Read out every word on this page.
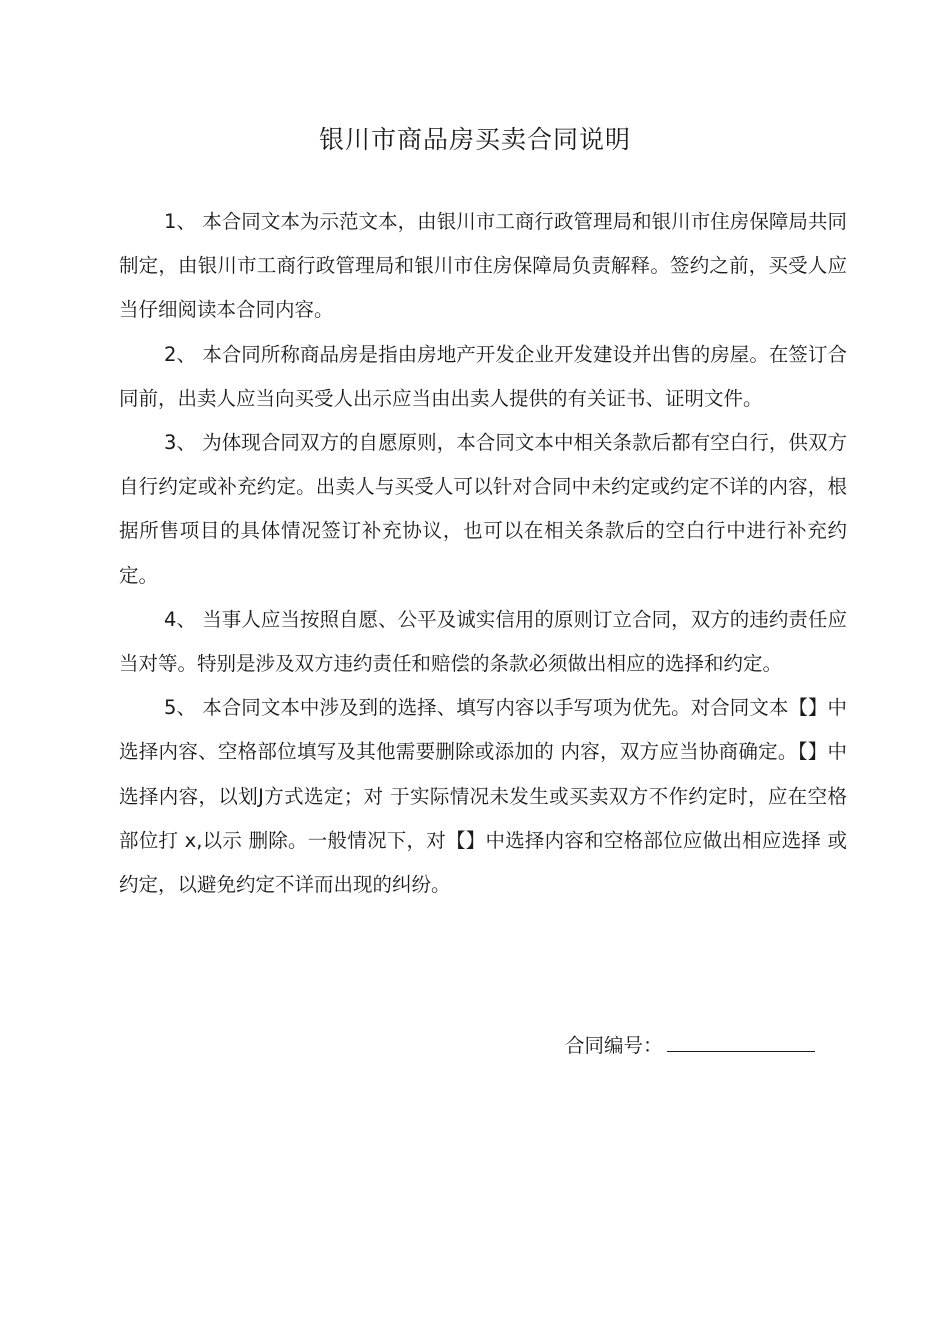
银川市商品房买卖合同说明

1、 本合同文本为示范文本，由银川市工商行政管理局和银川市住房保障局共同制定，由银川市工商行政管理局和银川市住房保障局负责解释。签约之前，买受人应当仔细阅读本合同内容。

2、 本合同所称商品房是指由房地产开发企业开发建设并出售的房屋。在签订合同前，出卖人应当向买受人出示应当由出卖人提供的有关证书、证明文件。

3、 为体现合同双方的自愿原则，本合同文本中相关条款后都有空白行，供双方自行约定或补充约定。出卖人与买受人可以针对合同中未约定或约定不详的内容，根据所售项目的具体情况签订补充协议，也可以在相关条款后的空白行中进行补充约定。

4、 当事人应当按照自愿、公平及诚实信用的原则订立合同，双方的违约责任应当对等。特别是涉及双方违约责任和赔偿的条款必须做出相应的选择和约定。

5、 本合同文本中涉及到的选择、填写内容以手写项为优先。对合同文本【】中选择内容、空格部位填写及其他需要删除或添加的 内容，双方应当协商确定。【】中选择内容，以划J方式选定；对 于实际情况未发生或买卖双方不作约定时，应在空格部位打 x,以示 删除。一般情况下，对【】中选择内容和空格部位应做出相应选择 或约定，以避免约定不详而出现的纠纷。

合同编号：
